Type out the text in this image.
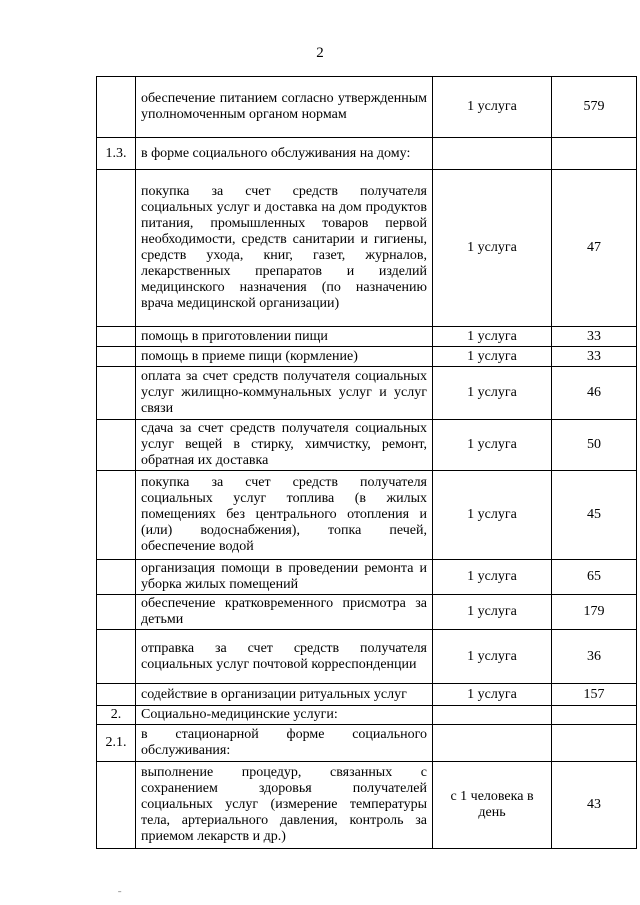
2
	обеспечение питанием согласно утвержденным уполномоченным органом нормам	1 услуга	579
1.3.	в форме социального обслуживания на дому:		
	покупка за счет средств получателя социальных услуг и доставка на дом продуктов питания, промышленных товаров первой необходимости, средств санитарии и гигиены, средств ухода, книг, газет, журналов, лекарственных препаратов и изделий медицинского назначения (по назначению врача медицинской организации)	1 услуга	47
	помощь в приготовлении пищи	1 услуга	33
	помощь в приеме пищи (кормление)	1 услуга	33
	оплата за счет средств получателя социальных услуг жилищно-коммунальных услуг и услуг связи	1 услуга	46
	сдача за счет средств получателя социальных услуг вещей в стирку, химчистку, ремонт, обратная их доставка	1 услуга	50
	покупка за счет средств получателя социальных услуг топлива (в жилых помещениях без центрального отопления и (или) водоснабжения), топка печей, обеспечение водой	1 услуга	45
	организация помощи в проведении ремонта и уборка жилых помещений	1 услуга	65
	обеспечение кратковременного присмотра за детьми	1 услуга	179
	отправка за счет средств получателя социальных услуг почтовой корреспонденции	1 услуга	36
	содействие в организации ритуальных услуг	1 услуга	157
2.	Социально-медицинские услуги:		
2.1.	в стационарной форме социального обслуживания:		
	выполнение процедур, связанных с сохранением здоровья получателей социальных услуг (измерение температуры тела, артериального давления, контроль за приемом лекарств и др.)	с 1 человека в день	43
ˉ
